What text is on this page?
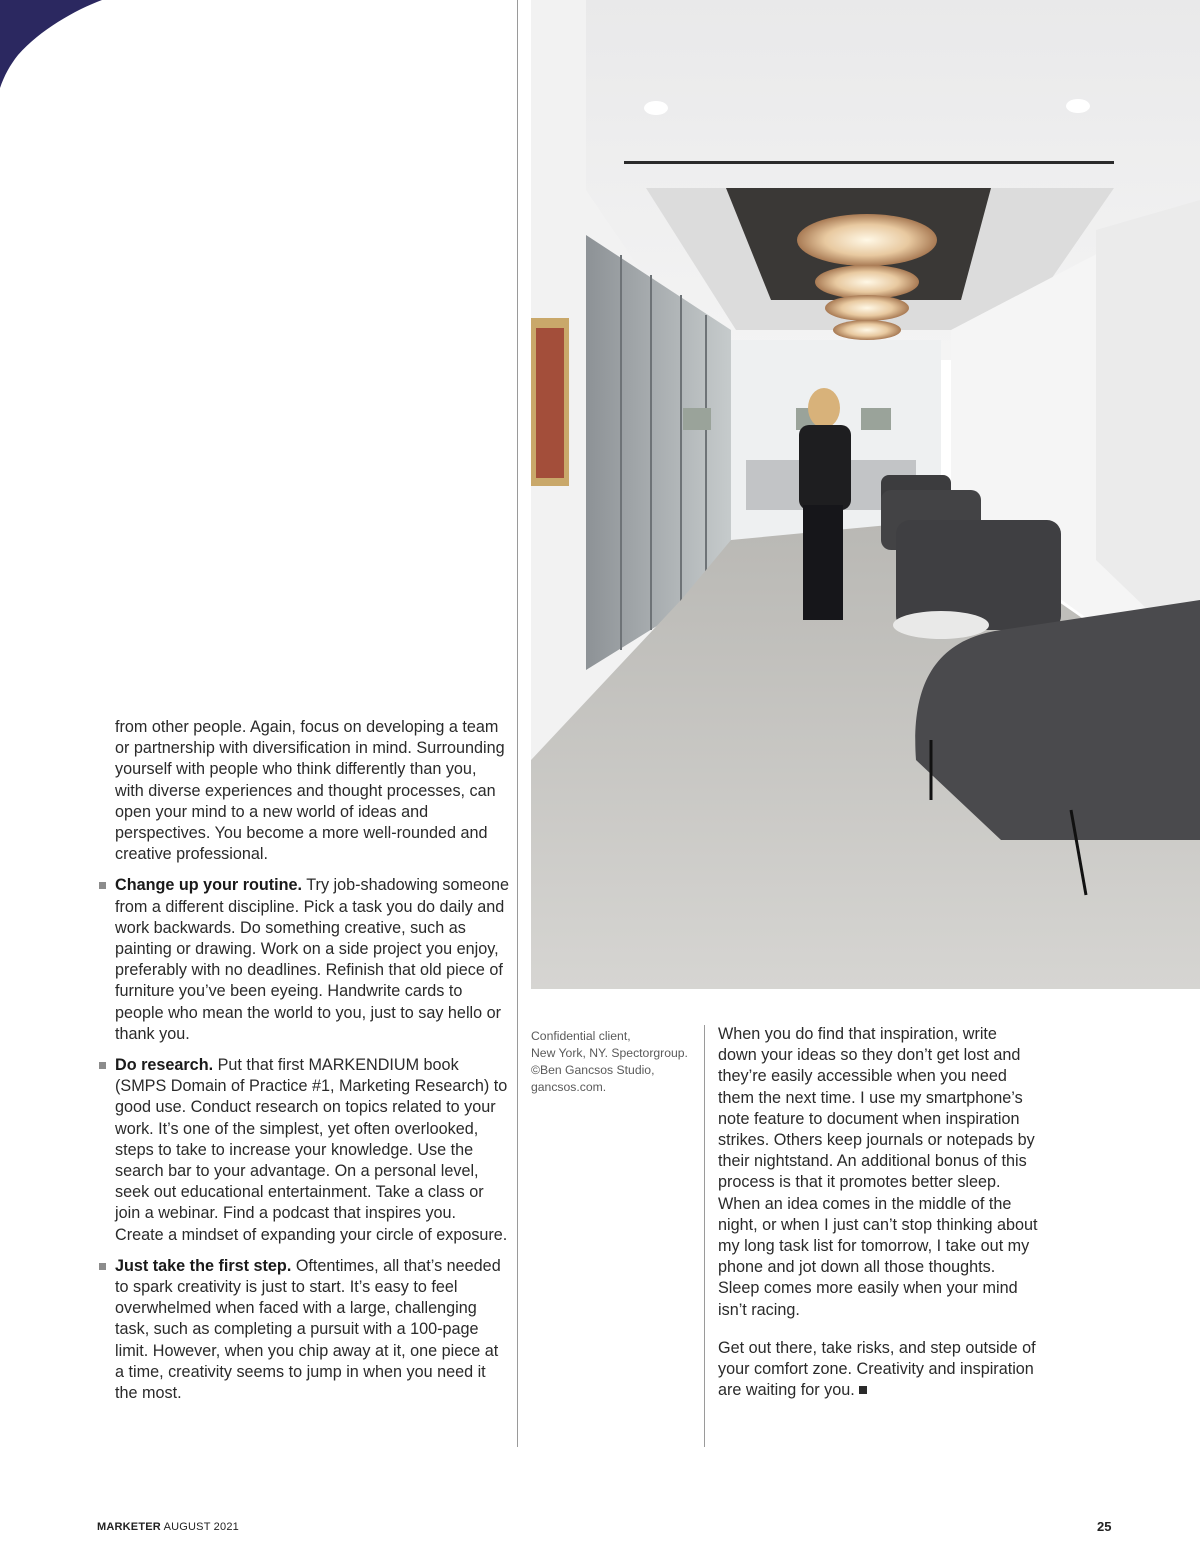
from other people. Again, focus on developing a team or partnership with diversification in mind. Surrounding yourself with people who think differently than you, with diverse experiences and thought processes, can open your mind to a new world of ideas and perspectives. You become a more well-rounded and creative professional.

Change up your routine. Try job-shadowing someone from a different discipline. Pick a task you do daily and work backwards. Do something creative, such as painting or drawing. Work on a side project you enjoy, preferably with no deadlines. Refinish that old piece of furniture you’ve been eyeing. Handwrite cards to people who mean the world to you, just to say hello or thank you.
Do research. Put that first MARKENDIUM book (SMPS Domain of Practice #1, Marketing Research) to good use. Conduct research on topics related to your work. It’s one of the simplest, yet often overlooked, steps to take to increase your knowledge. Use the search bar to your advantage. On a personal level, seek out educational entertainment. Take a class or join a webinar. Find a podcast that inspires you. Create a mindset of expanding your circle of exposure.
Just take the first step. Oftentimes, all that’s needed to spark creativity is just to start. It’s easy to feel overwhelmed when faced with a large, challenging task, such as completing a pursuit with a 100-page limit. However, when you chip away at it, one piece at a time, creativity seems to jump in when you need it the most.
Confidential client,
New York, NY. Spectorgroup.
©Ben Gancsos Studio,
gancsos.com.

When you do find that inspiration, write down your ideas so they don’t get lost and they’re easily accessible when you need them the next time. I use my smartphone’s note feature to document when inspiration strikes. Others keep journals or notepads by their nightstand. An additional bonus of this process is that it promotes better sleep. When an idea comes in the middle of the night, or when I just can’t stop thinking about my long task list for tomorrow, I take out my phone and jot down all those thoughts. Sleep comes more easily when your mind isn’t racing.

Get out there, take risks, and step outside of your comfort zone. Creativity and inspiration are waiting for you.

MARKETER AUGUST 2021	25
